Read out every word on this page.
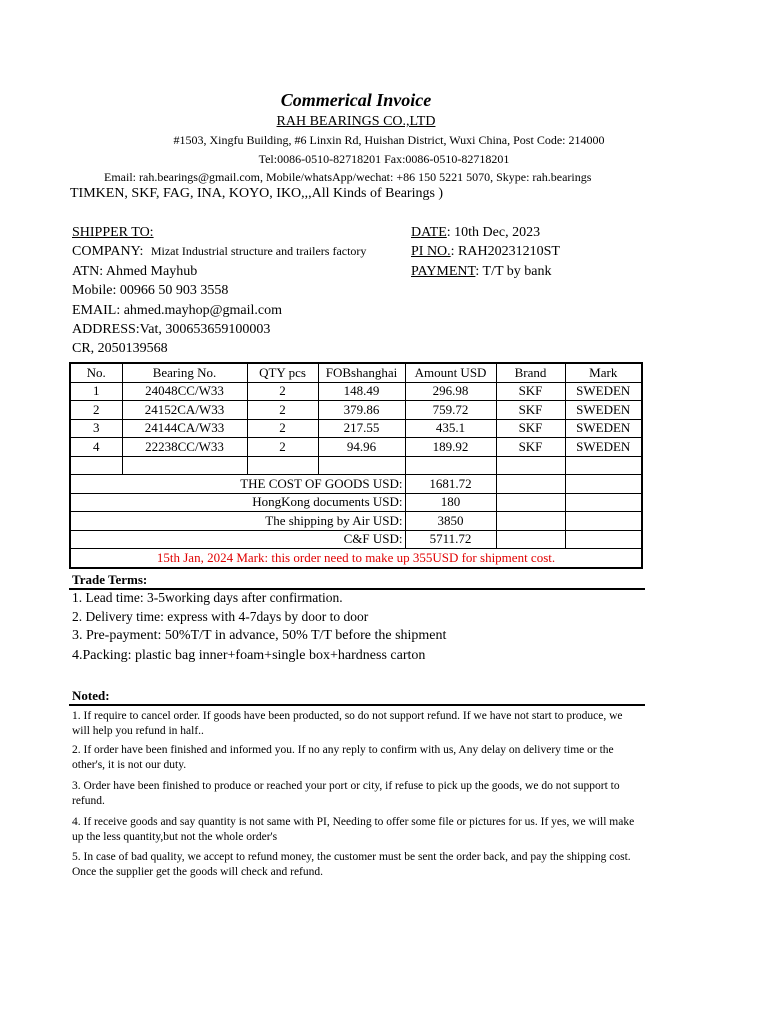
Commerical Invoice
RAH BEARINGS CO.,LTD
#1503, Xingfu Building, #6 Linxin Rd, Huishan District, Wuxi China, Post Code: 214000
Tel:0086-0510-82718201 Fax:0086-0510-82718201
Email: rah.bearings@gmail.com, Mobile/whatsApp/wechat: +86 150 5221 5070, Skype: rah.bearings
TIMKEN, SKF, FAG, INA, KOYO, IKO,,,All Kinds of Bearings )
SHIPPER TO:
COMPANY: Mizat Industrial structure and trailers factory
ATN: Ahmed Mayhub
Mobile: 00966 50 903 3558
EMAIL: ahmed.mayhop@gmail.com
ADDRESS:Vat, 300653659100003
CR, 2050139568
DATE: 10th Dec, 2023
PI NO.: RAH20231210ST
PAYMENT: T/T by bank
No.	Bearing No.	QTY pcs	FOBshanghai	Amount USD	Brand	Mark
1	24048CC/W33	2	148.49	296.98	SKF	SWEDEN
2	24152CA/W33	2	379.86	759.72	SKF	SWEDEN
3	24144CA/W33	2	217.55	435.1	SKF	SWEDEN
4	22238CC/W33	2	94.96	189.92	SKF	SWEDEN

THE COST OF GOODS USD:				1681.72		
HongKong documents USD:				180		
The shipping by Air USD:				3850		
C&F USD:				5711.72		
15th Jan, 2024 Mark: this order need to make up 355USD for shipment cost.						
Trade Terms:
1. Lead time: 3-5working days after confirmation.
2. Delivery time: express with 4-7days by door to door
3. Pre-payment: 50%T/T in advance, 50% T/T before the shipment
4.Packing: plastic bag inner+foam+single box+hardness carton
Noted:
1. If require to cancel order. If goods have been producted, so do not support refund. If we have not start to produce, we will help you refund in half..
2. If order have been finished and informed you. If no any reply to confirm with us, Any delay on delivery time or the other's, it is not our duty.
3. Order have been finished to produce or reached your port or city, if refuse to pick up the goods, we do not support to refund.
4. If receive goods and say quantity is not same with PI, Needing to offer some file or pictures for us. If yes, we will make up the less quantity,but not the whole order's
5. In case of bad quality, we accept to refund money, the customer must be sent the order back, and pay the shipping cost. Once the supplier get the goods will check and refund.
